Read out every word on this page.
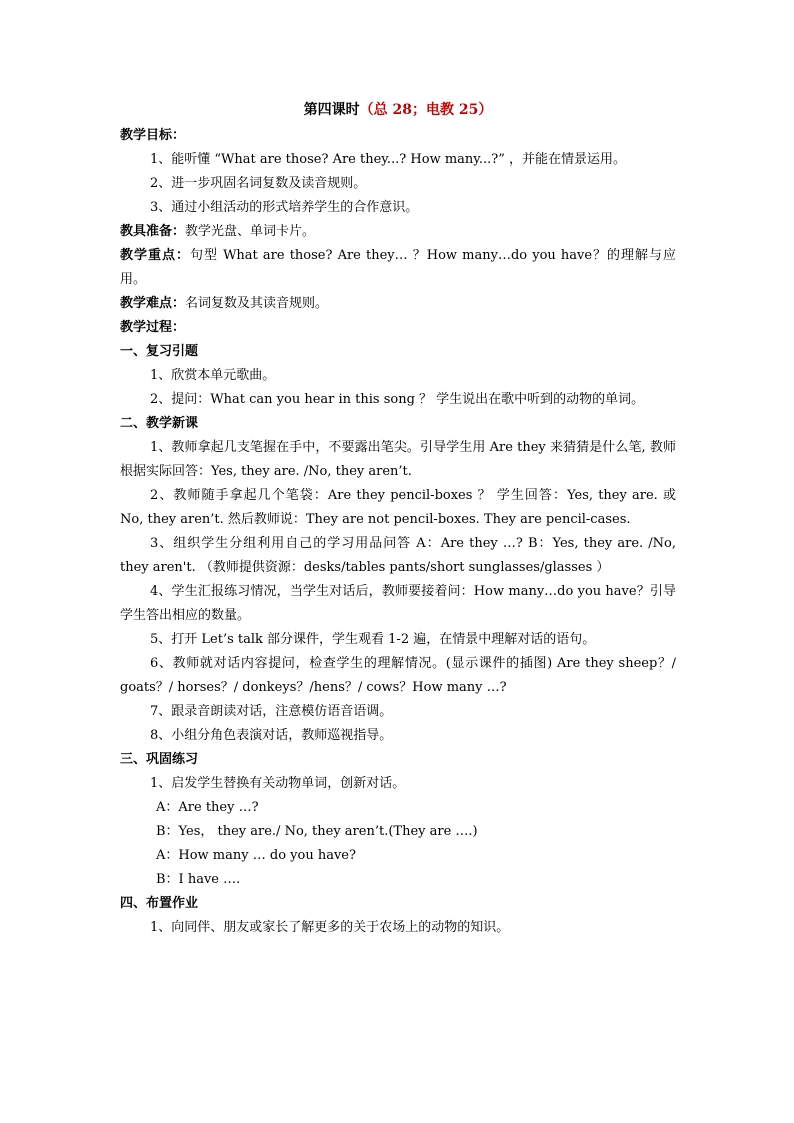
第四课时（总 28；电教 25）
教学目标：
1、能听懂 “What are those? Are they...? How many...?” ，并能在情景运用。
2、进一步巩固名词复数及读音规则。
3、通过小组活动的形式培养学生的合作意识。
教具准备：教学光盘、单词卡片。
教学重点：句型 What are those? Are they… ？How many…do you have？的理解与应用。
教学难点：名词复数及其读音规则。
教学过程：
一、复习引题
1、欣赏本单元歌曲。
2、提问：What can you hear in this song ？ 学生说出在歌中听到的动物的单词。
二、教学新课
1、教师拿起几支笔握在手中，不要露出笔尖。引导学生用 Are they 来猜猜是什么笔, 教师根据实际回答：Yes, they are. /No, they aren’t.
2、教师随手拿起几个笔袋：Are they pencil-boxes ？ 学生回答：Yes, they are. 或 No, they aren’t. 然后教师说：They are not pencil-boxes. They are pencil-cases.
3、组织学生分组利用自己的学习用品问答 A：Are they …? B：Yes, they are. /No, they aren't. （教师提供资源：desks/tables pants/short sunglasses/glasses ）
4、学生汇报练习情况，当学生对话后，教师要接着问：How many…do you have？引导学生答出相应的数量。
5、打开 Let’s talk 部分课件，学生观看 1-2 遍，在情景中理解对话的语句。
6、教师就对话内容提问，检查学生的理解情况。(显示课件的插图) Are they sheep？/ goats？/ horses？/ donkeys？/hens？/ cows？How many …?
7、跟录音朗读对话，注意模仿语音语调。
8、小组分角色表演对话，教师巡视指导。
三、巩固练习
1、启发学生替换有关动物单词，创新对话。
A：Are they …?
B：Yes， they are./ No, they aren’t.(They are ….)
A：How many … do you have?
B：I have ….
四、布置作业
1、向同伴、朋友或家长了解更多的关于农场上的动物的知识。
